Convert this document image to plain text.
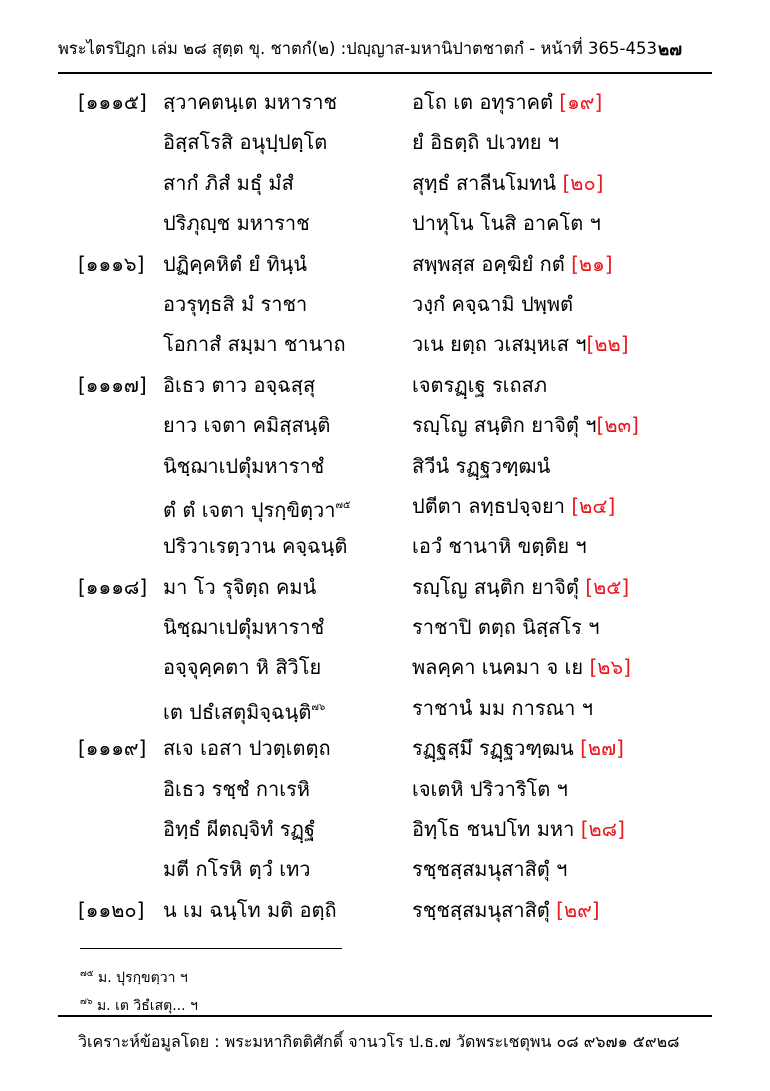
พระไตรปิฎก เล่ม ๒๘ สุตฺต ขุ. ชาตกํ(๒) :ปญฺญาส-มหานิปาตชาตกํ - หน้าที่ 365-453 ๒๗
[๑๑๑๕] สฺวาคตนฺเต มหาราช	อโถ เต อทุราคตํ [๑๙]
อิสฺสโรสิ อนุปฺปตฺโต	ยํ อิธตฺถิ ปเวทย ฯ
สากํ ภิสํ มธุํ มํสํ	สุทฺธํ สาลีนโมทนํ [๒๐]
ปริภุญฺช มหาราช	ปาหุโน โนสิ อาคโต ฯ
[๑๑๑๖] ปฏิคฺคหิตํ ยํ ทินฺนํ	สพฺพสฺส อคฺฆิยํ กตํ [๒๑]
อวรุทฺธสิ มํ ราชา	วงฺกํ คจฺฉามิ ปพฺพตํ
โอกาสํ สมฺมา ชานาถ	วเน ยตฺถ วเสมฺหเส ฯ[๒๒]
[๑๑๑๗] อิเธว ตาว อจฺฉสฺสุ	เจตรฏฺเฐ รเถสภ
ยาว เจตา คมิสฺสนฺติ	รญฺโญ สนฺติก ยาจิตุํ ฯ[๒๓]
นิชฺฌาเปตุํมหาราชํ	สิวีนํ รฏฺฐวฑฺฒนํ
ตํ ตํ เจตา ปุรกฺขิตฺวา$^{๗๕}$	ปตีตา ลทฺธปจฺจยา [๒๔]
ปริวาเรตฺวาน คจฺฉนฺติ	เอวํ ชานาหิ ขตฺติย ฯ
[๑๑๑๘] มา โว รุจิตฺถ คมนํ	รญฺโญ สนฺติก ยาจิตุํ [๒๕]
นิชฺฌาเปตุํมหาราชํ	ราชาปิ ตตฺถ นิสฺสโร ฯ
อจฺจุคฺคตา หิ สิวิโย	พลคฺคา เนคมา จ เย [๒๖]
เต ปธํเสตุมิจฺฉนฺติ$^{๗๖}$	ราชานํ มม การณา ฯ
[๑๑๑๙] สเจ เอสา ปวตฺเตตฺถ	รฏฺฐสฺมึ รฏฺฐวฑฺฒน [๒๗]
อิเธว รชฺชํ กาเรหิ	เจเตหิ ปริวาริโต ฯ
อิทฺธํ ผีตญฺจิทํ รฏฺฐํ	อิทฺโธ ชนปโท มหา [๒๘]
มตี กโรหิ ตฺวํ เทว	รชฺชสฺสมนุสาสิตุํ ฯ
[๑๑๒๐] น เม ฉนฺโท มติ อตฺถิ	รชฺชสฺสมนุสาสิตุํ [๒๙]
$^{๗๕}$ ม. ปุรกฺขตฺวา ฯ
$^{๗๖}$ ม. เต วิธํเสตุ... ฯ
วิเคราะห์ข้อมูลโดย : พระมหากิตติศักดิ์ จานวโร ป.ธ.๗ วัดพระเชตุพน ๐๘ ๙๖๗๑ ๕๙๒๘
